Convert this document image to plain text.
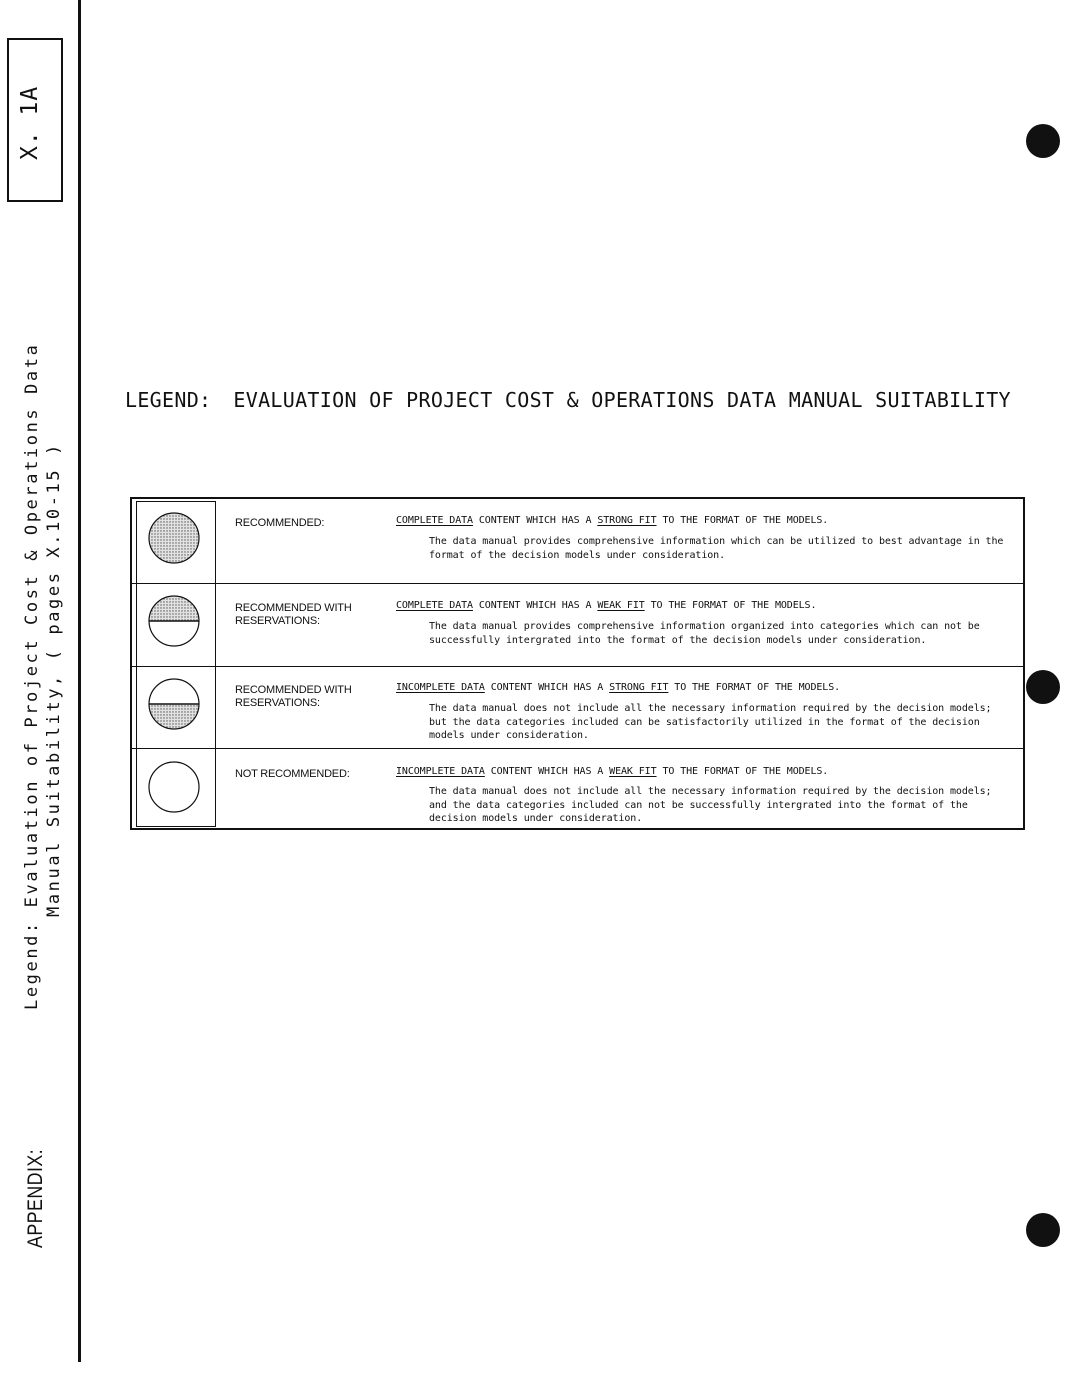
X. 1A
Legend: Evaluation of Project Cost & Operations Data Manual Suitability, ( pages X.10-15 )
APPENDIX:
LEGEND: EVALUATION OF PROJECT COST & OPERATIONS DATA MANUAL SUITABILITY
RECOMMENDED:	COMPLETE DATA CONTENT WHICH HAS A STRONG FIT TO THE FORMAT OF THE MODELS.
The data manual provides comprehensive information which can be utilized to best advantage in the format of the decision models under consideration.
RECOMMENDED WITH RESERVATIONS:
COMPLETE DATA CONTENT WHICH HAS A WEAK FIT TO THE FORMAT OF THE MODELS.
The data manual provides comprehensive information organized into categories which can not be successfully intergrated into the format of the decision models under consideration.
RECOMMENDED WITH RESERVATIONS:
INCOMPLETE DATA CONTENT WHICH HAS A STRONG FIT TO THE FORMAT OF THE MODELS.
The data manual does not include all the necessary information required by the decision models; but the data categories included can be satisfactorily utilized in the format of the decision models under consideration.
NOT RECOMMENDED:	INCOMPLETE DATA CONTENT WHICH HAS A WEAK FIT TO THE FORMAT OF THE MODELS.
The data manual does not include all the necessary information required by the decision models; and the data categories included can not be successfully intergrated into the format of the decision models under consideration.
